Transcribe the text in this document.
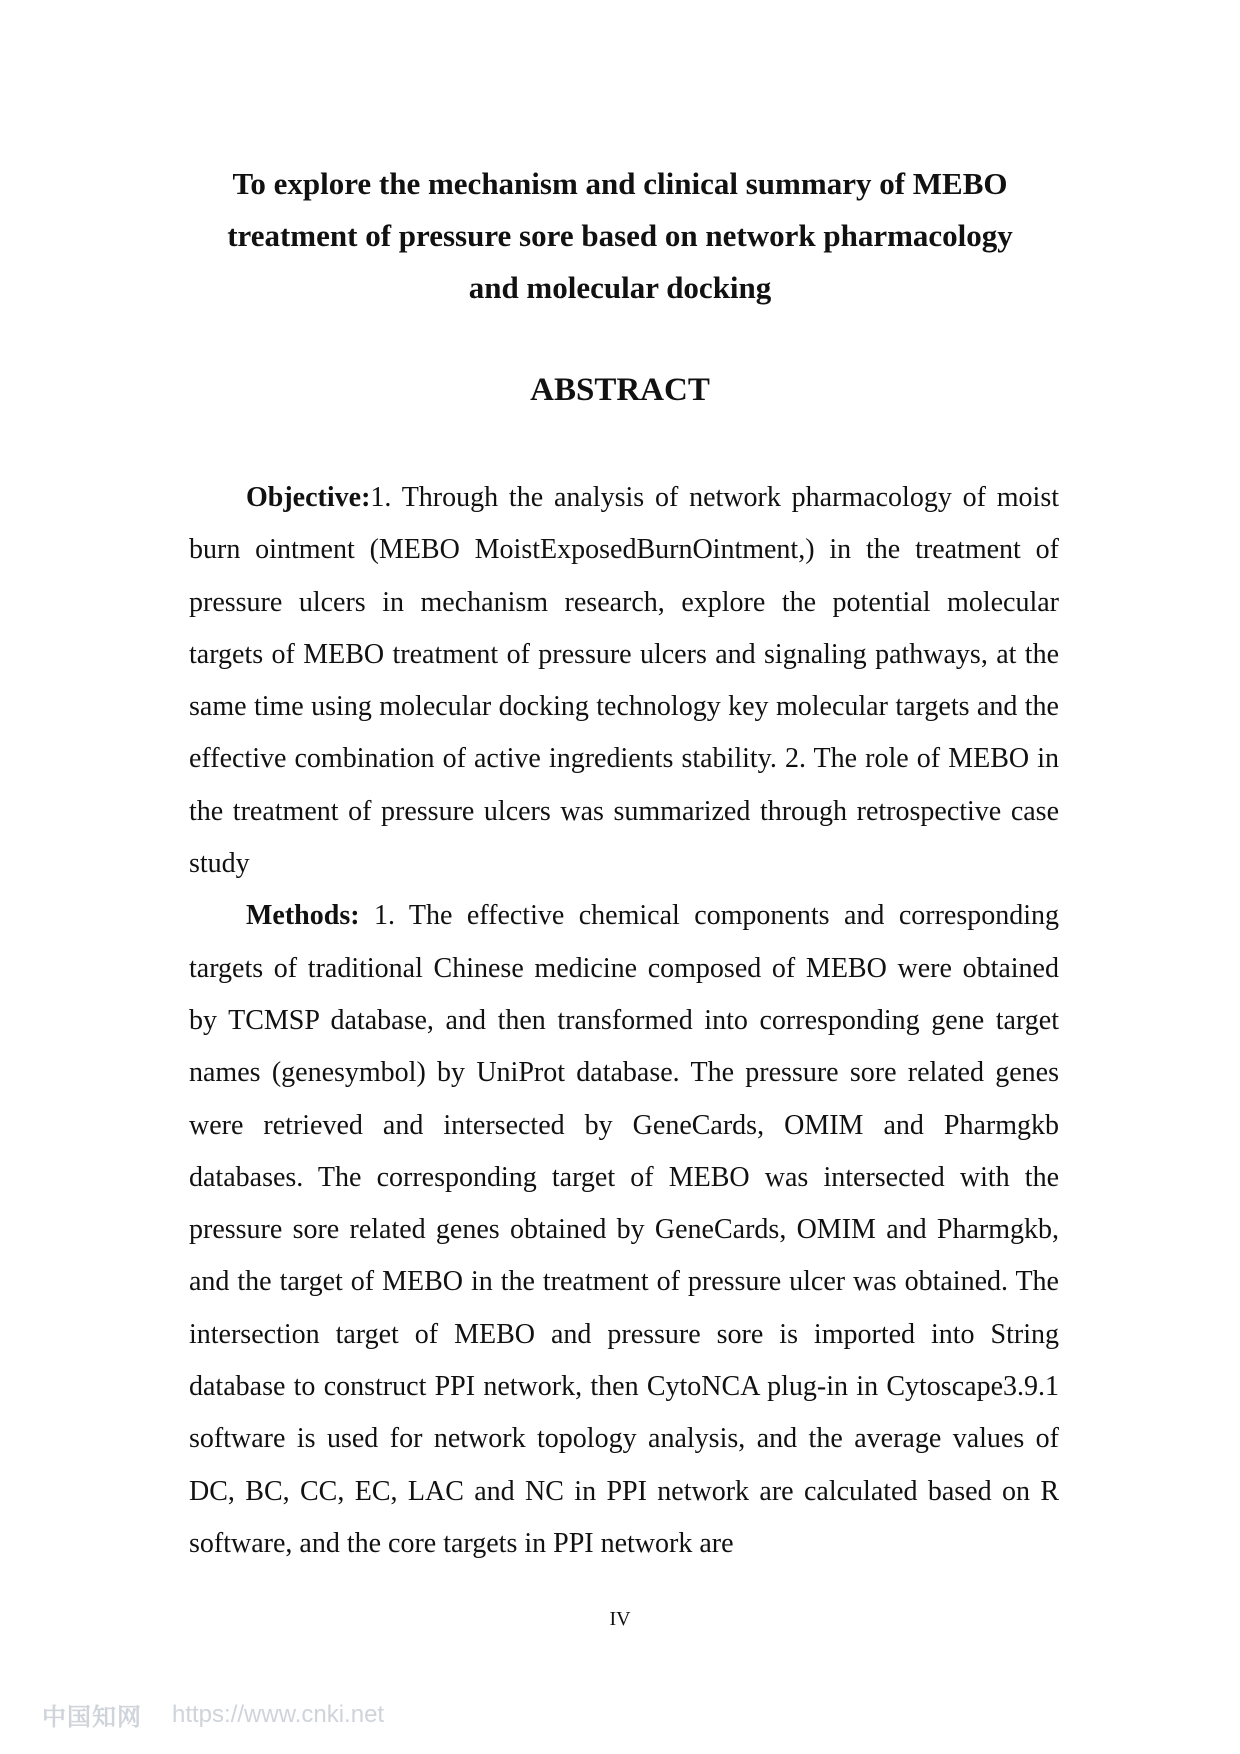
To explore the mechanism and clinical summary of MEBO
treatment of pressure sore based on network pharmacology
and molecular docking
ABSTRACT

Objective:1. Through the analysis of network pharmacology of moist burn ointment (MEBO MoistExposedBurnOintment,) in the treatment of pressure ulcers in mechanism research, explore the potential molecular targets of MEBO treatment of pressure ulcers and signaling pathways, at the same time using molecular docking technology key molecular targets and the effective combination of active ingredients stability. 2. The role of MEBO in the treatment of pressure ulcers was summarized through retrospective case study

Methods: 1. The effective chemical components and corresponding targets of traditional Chinese medicine composed of MEBO were obtained by TCMSP database, and then transformed into corresponding gene target names (genesymbol) by UniProt database. The pressure sore related genes were retrieved and intersected by GeneCards, OMIM and Pharmgkb databases. The corresponding target of MEBO was intersected with the pressure sore related genes obtained by GeneCards, OMIM and Pharmgkb, and the target of MEBO in the treatment of pressure ulcer was obtained. The intersection target of MEBO and pressure sore is imported into String database to construct PPI network, then CytoNCA plug-in in Cytoscape3.9.1 software is used for network topology analysis, and the average values of DC, BC, CC, EC, LAC and NC in PPI network are calculated based on R software, and the core targets in PPI network are

IV
中国知网 https://www.cnki.net
